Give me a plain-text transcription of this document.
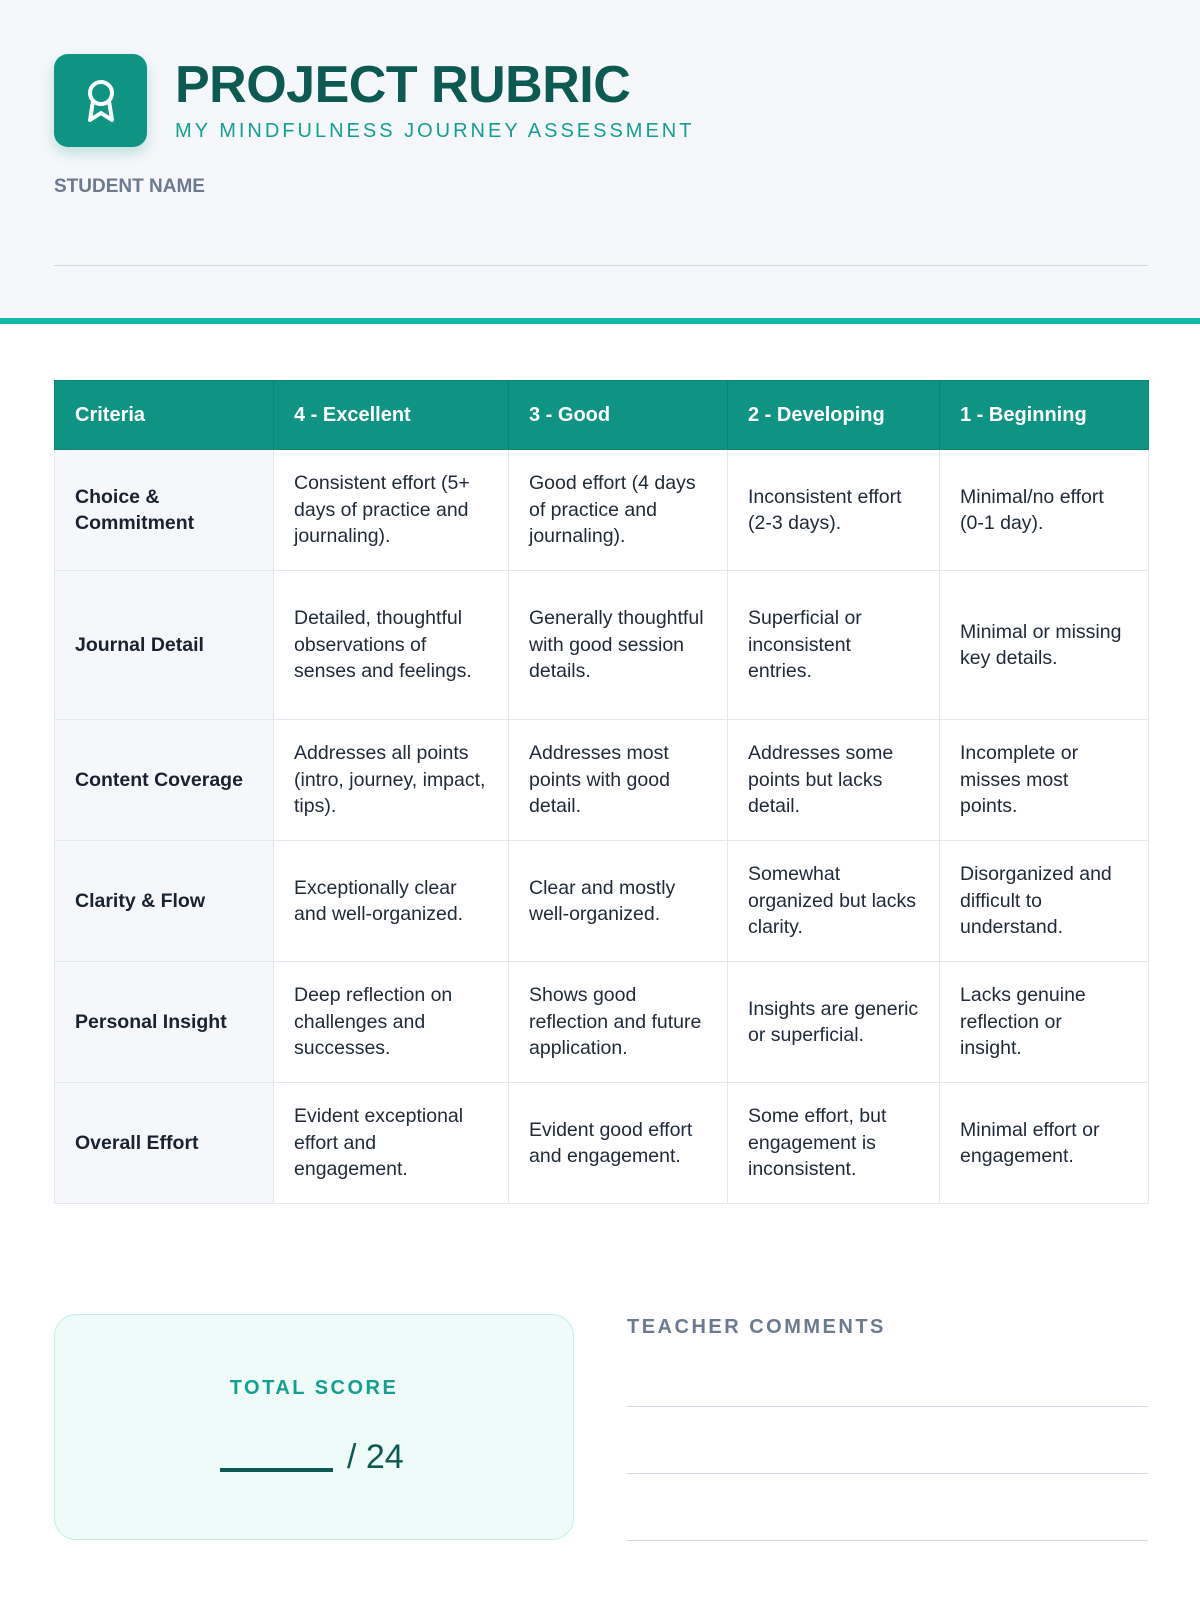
PROJECT RUBRIC
MY MINDFULNESS JOURNEY ASSESSMENT
STUDENT NAME
Criteria	4 - Excellent	3 - Good	2 - Developing	1 - Beginning
Choice & Commitment	Consistent effort (5+ days of practice and journaling).	Good effort (4 days of practice and journaling).	Inconsistent effort (2-3 days).	Minimal/no effort (0-1 day).
Journal Detail	Detailed, thoughtful observations of senses and feelings.	Generally thoughtful with good session details.	Superficial or inconsistent entries.	Minimal or missing key details.
Content Coverage	Addresses all points (intro, journey, impact, tips).	Addresses most points with good detail.	Addresses some points but lacks detail.	Incomplete or misses most points.
Clarity & Flow	Exceptionally clear and well-organized.	Clear and mostly well-organized.	Somewhat organized but lacks clarity.	Disorganized and difficult to understand.
Personal Insight	Deep reflection on challenges and successes.	Shows good reflection and future application.	Insights are generic or superficial.	Lacks genuine reflection or insight.
Overall Effort	Evident exceptional effort and engagement.	Evident good effort and engagement.	Some effort, but engagement is inconsistent.	Minimal effort or engagement.
TOTAL SCORE
/ 24
TEACHER COMMENTS
